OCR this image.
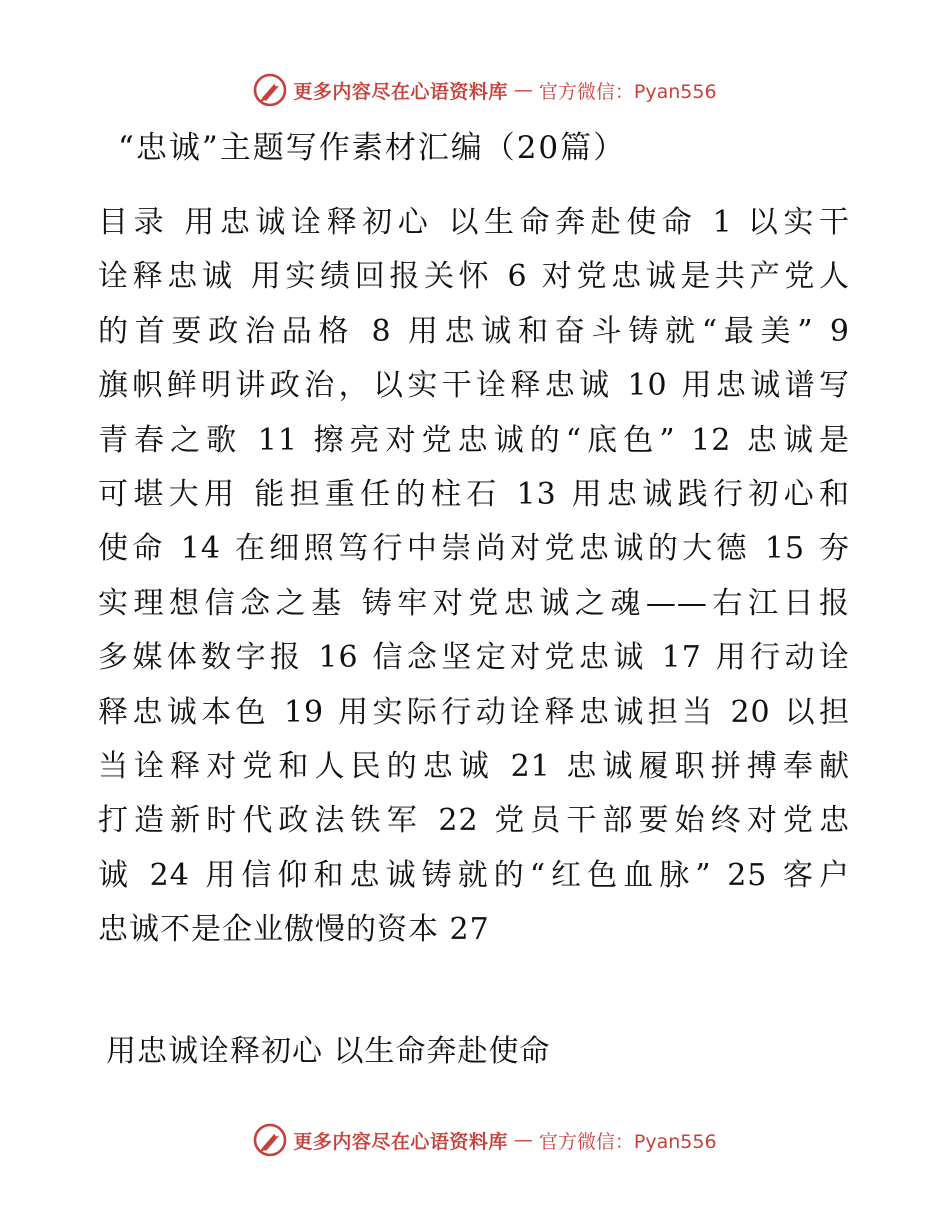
更多内容尽在心语资料库 — 官方微信：Pyan556
“忠诚”主题写作素材汇编（20篇）
目录 用忠诚诠释初心 以生命奔赴使命 1 以实干
诠释忠诚 用实绩回报关怀 6 对党忠诚是共产党人
的首要政治品格 8 用忠诚和奋斗铸就“最美” 9
旗帜鲜明讲政治，以实干诠释忠诚 10 用忠诚谱写
青春之歌 11 擦亮对党忠诚的“底色” 12 忠诚是
可堪大用 能担重任的柱石 13 用忠诚践行初心和
使命 14 在细照笃行中崇尚对党忠诚的大德 15 夯
实理想信念之基 铸牢对党忠诚之魂——右江日报
多媒体数字报 16 信念坚定对党忠诚 17 用行动诠
释忠诚本色 19 用实际行动诠释忠诚担当 20 以担
当诠释对党和人民的忠诚 21 忠诚履职拼搏奉献
打造新时代政法铁军 22 党员干部要始终对党忠
诚 24 用信仰和忠诚铸就的“红色血脉” 25 客户
忠诚不是企业傲慢的资本 27
用忠诚诠释初心 以生命奔赴使命
更多内容尽在心语资料库 — 官方微信：Pyan556
